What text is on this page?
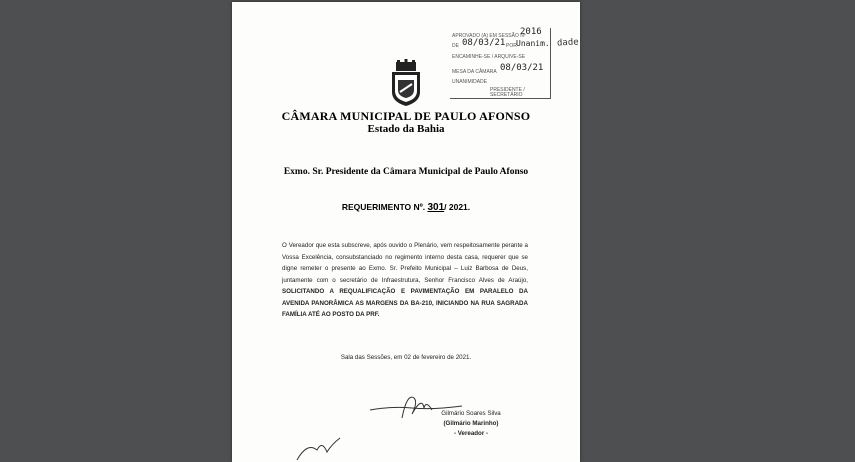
APROVADO (A) EM SESSÃO Nº
2016
DE 08/03/21 POR Unanim.
ENCAMINHE-SE / ARQUIVE-SE
MESA DA CÂMARA 08/03/21
PRESIDENTE / SECRETÁRIO
UNANIMIDADE
dade
CÂMARA MUNICIPAL DE PAULO AFONSO
Estado da Bahia
Exmo. Sr. Presidente da Câmara Municipal de Paulo Afonso
REQUERIMENTO Nº. 301/ 2021.
O Vereador que esta subscreve, após ouvido o Plenário, vem respeitosamente perante a Vossa Excelência, consubstanciado no regimento interno desta casa, requerer que se digne remeter o presente ao Exmo. Sr. Prefeito Municipal – Luiz Barbosa de Deus, juntamente com o secretário de Infraestrutura, Senhor Francisco Alves de Araújo, SOLICITANDO A REQUALIFICAÇÃO E PAVIMENTAÇÃO EM PARALELO DA AVENIDA PANORÂMICA AS MARGENS DA BA-210, INICIANDO NA RUA SAGRADA FAMÍLIA ATÉ AO POSTO DA PRF.
Sala das Sessões, em 02 de fevereiro de 2021.
Gilmário Soares Silva
(Gilmário Marinho)
- Vereador -
